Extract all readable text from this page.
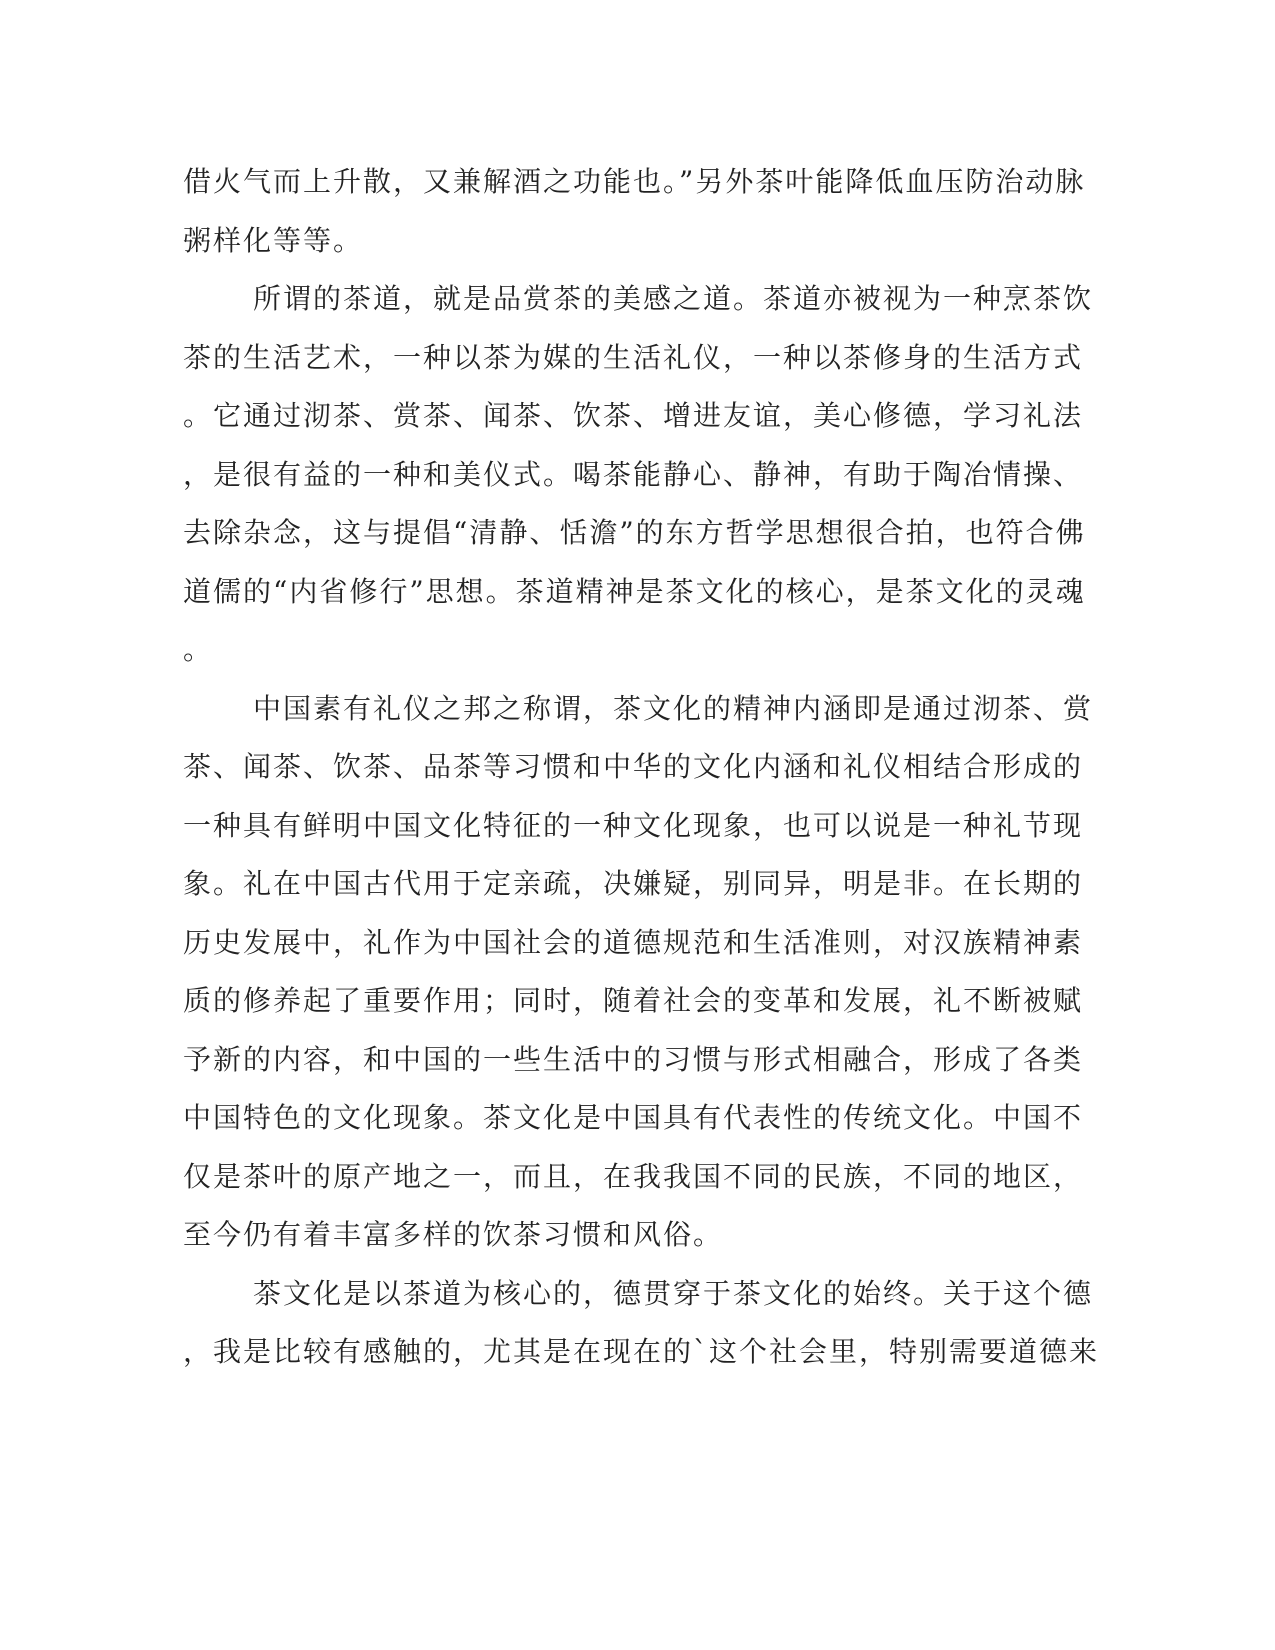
借火气而上升散，又兼解酒之功能也。”另外茶叶能降低血压防治动脉
粥样化等等。
所谓的茶道，就是品赏茶的美感之道。茶道亦被视为一种烹茶饮
茶的生活艺术，一种以茶为媒的生活礼仪，一种以茶修身的生活方式
。它通过沏茶、赏茶、闻茶、饮茶、增进友谊，美心修德，学习礼法
，是很有益的一种和美仪式。喝茶能静心、静神，有助于陶冶情操、
去除杂念，这与提倡“清静、恬澹”的东方哲学思想很合拍，也符合佛
道儒的“内省修行”思想。茶道精神是茶文化的核心，是茶文化的灵魂
。
中国素有礼仪之邦之称谓，茶文化的精神内涵即是通过沏茶、赏
茶、闻茶、饮茶、品茶等习惯和中华的文化内涵和礼仪相结合形成的
一种具有鲜明中国文化特征的一种文化现象，也可以说是一种礼节现
象。礼在中国古代用于定亲疏，决嫌疑，别同异，明是非。在长期的
历史发展中，礼作为中国社会的道德规范和生活准则，对汉族精神素
质的修养起了重要作用；同时，随着社会的变革和发展，礼不断被赋
予新的内容，和中国的一些生活中的习惯与形式相融合，形成了各类
中国特色的文化现象。茶文化是中国具有代表性的传统文化。中国不
仅是茶叶的原产地之一，而且，在我我国不同的民族，不同的地区，
至今仍有着丰富多样的饮茶习惯和风俗。
茶文化是以茶道为核心的，德贯穿于茶文化的始终。关于这个德
，我是比较有感触的，尤其是在现在的`这个社会里，特别需要道德来
